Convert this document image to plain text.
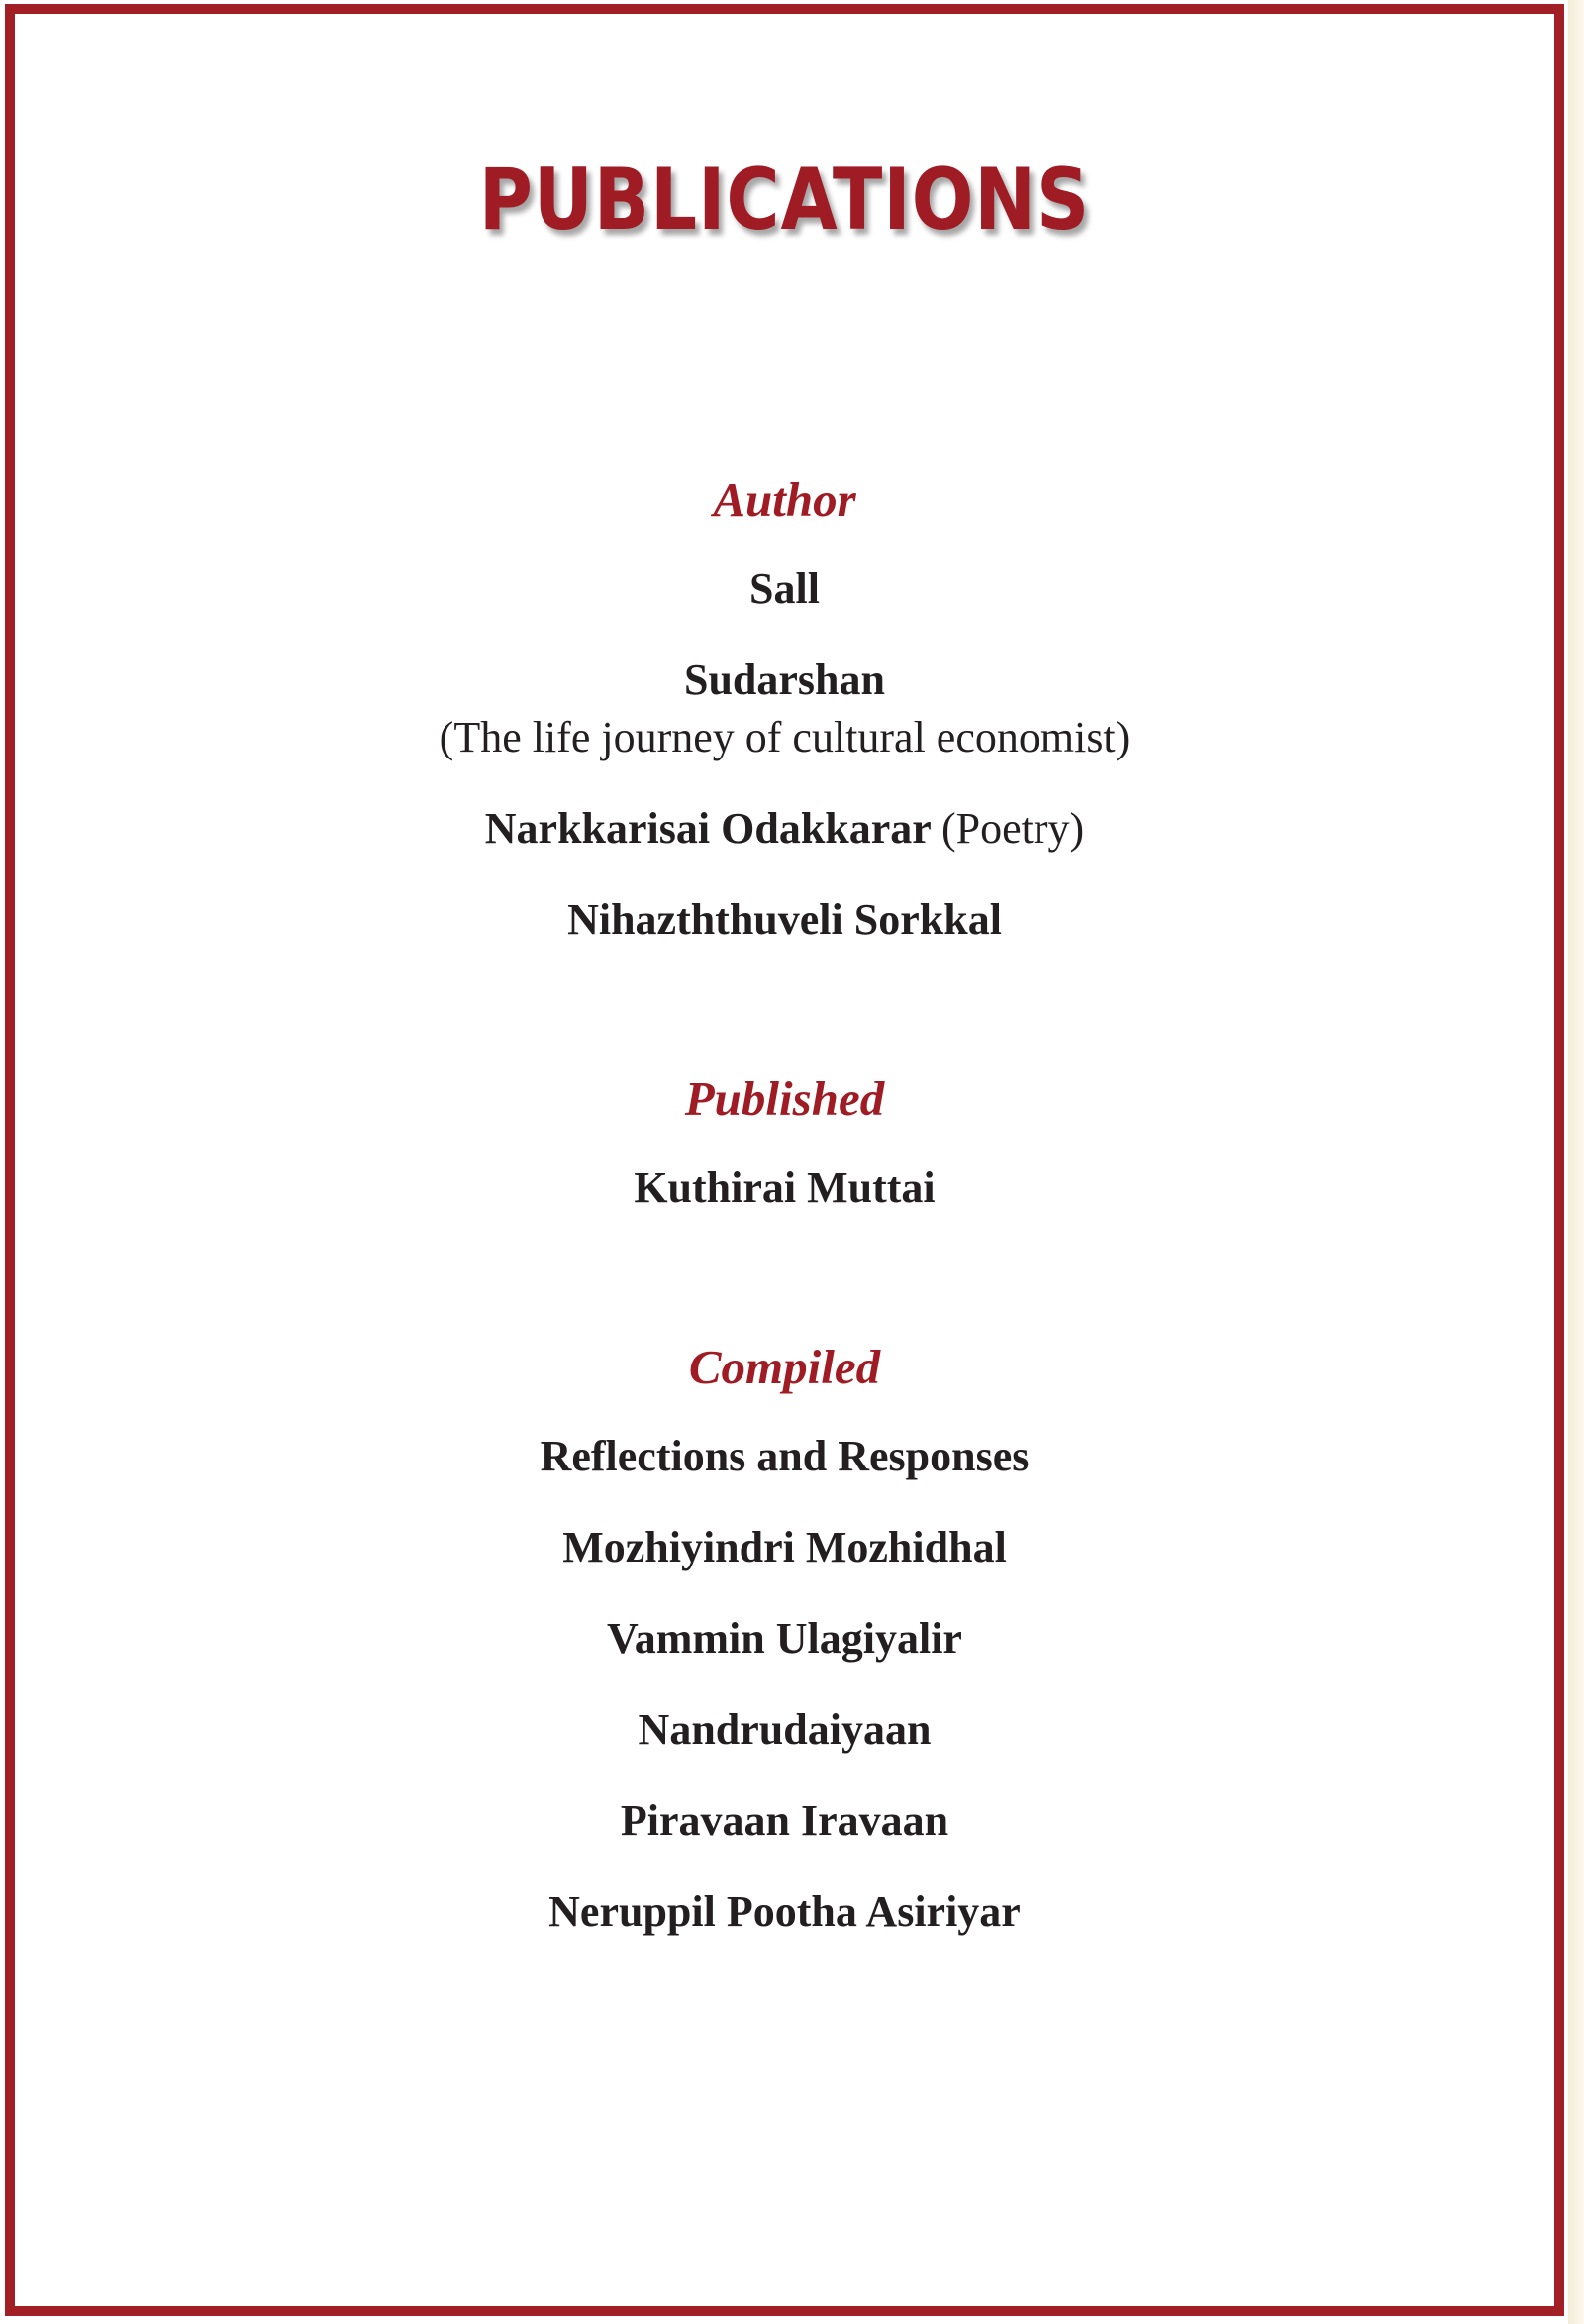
PUBLICATIONS

Author

Sall

Sudarshan

(The life journey of cultural economist)

Narkkarisai Odakkarar (Poetry)

Nihazththuveli Sorkkal

Published

Kuthirai Muttai

Compiled

Reflections and Responses

Mozhiyindri Mozhidhal

Vammin Ulagiyalir

Nandrudaiyaan

Piravaan Iravaan

Neruppil Pootha Asiriyar
